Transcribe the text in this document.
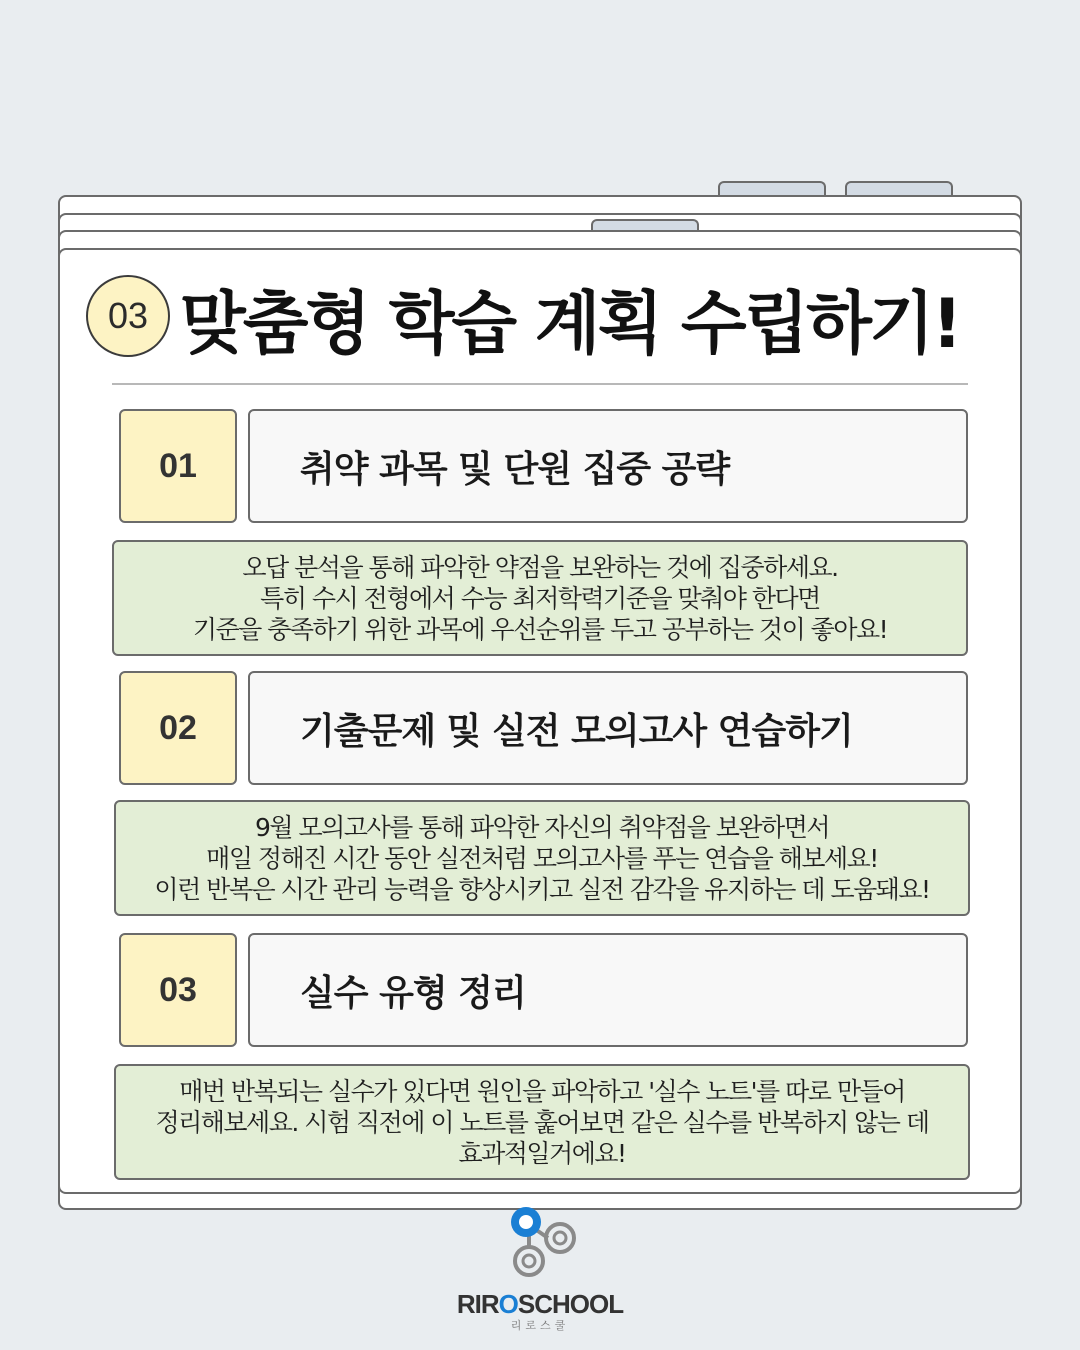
03 맞춤형 학습 계획 수립하기!
01	취약 과목 및 단원 집중 공략
오답 분석을 통해 파악한 약점을 보완하는 것에 집중하세요.
특히 수시 전형에서 수능 최저학력기준을 맞춰야 한다면
기준을 충족하기 위한 과목에 우선순위를 두고 공부하는 것이 좋아요!
02	기출문제 및 실전 모의고사 연습하기
9월 모의고사를 통해 파악한 자신의 취약점을 보완하면서
매일 정해진 시간 동안 실전처럼 모의고사를 푸는 연습을 해보세요!
이런 반복은 시간 관리 능력을 향상시키고 실전 감각을 유지하는 데 도움돼요!
03	실수 유형 정리
매번 반복되는 실수가 있다면 원인을 파악하고 '실수 노트'를 따로 만들어
정리해보세요. 시험 직전에 이 노트를 훑어보면 같은 실수를 반복하지 않는 데
효과적일거에요!
RIROSCHOOL
리로스쿨
